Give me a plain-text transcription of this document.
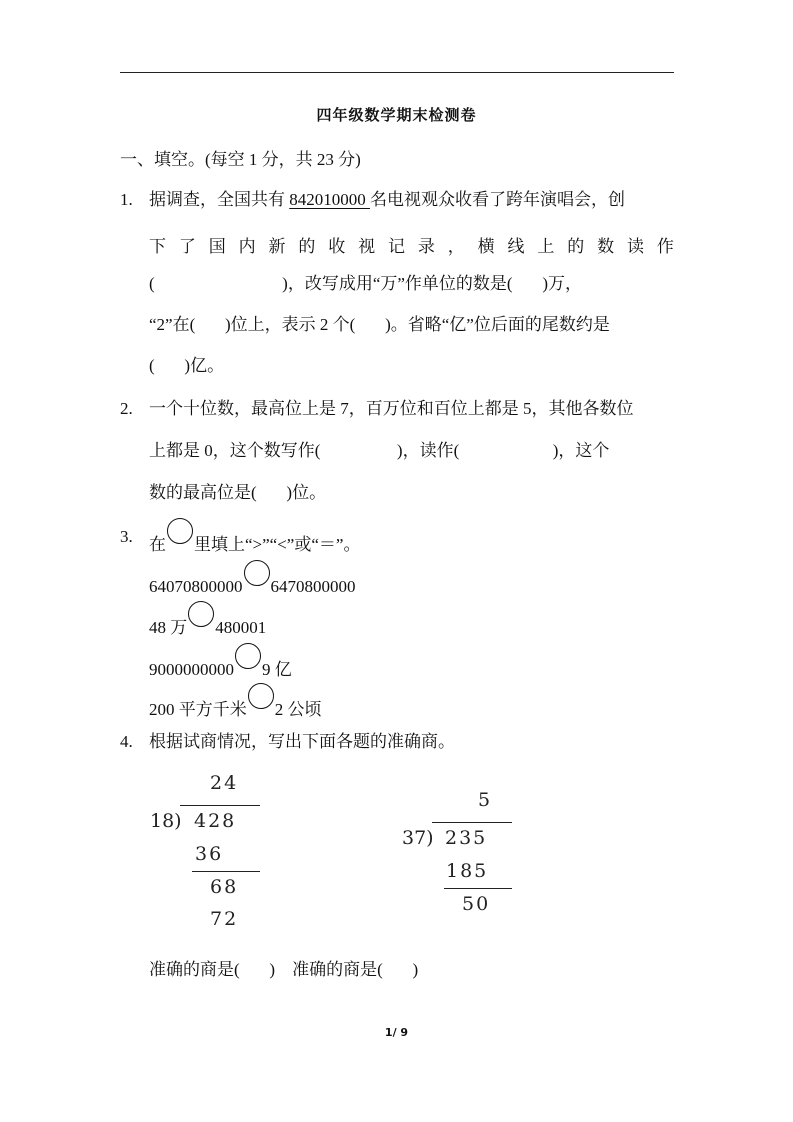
四年级数学期末检测卷
一、填空。(每空 1 分，共 23 分)
1. 据调查，全国共有 842010000 名电视观众收看了跨年演唱会，创
下 了 国 内 新 的 收 视 记 录 ， 横 线 上 的 数 读 作
(                              )，改写成用“万”作单位的数是(       )万，
“2”在(       )位上，表示 2 个(       )。省略“亿”位后面的尾数约是
(       )亿。
2. 一个十位数，最高位上是 7，百万位和百位上都是 5，其他各数位
上都是 0，这个数写作(                  )，读作(                      )，这个
数的最高位是(       )位。
3. 在 里填上“>”“<”或“＝”。
64070800000 6470800000
48 万 480001
9000000000 9 亿
200 平方千米 2 公顷
4. 根据试商情况，写出下面各题的准确商。
24
18) 428
36
68
72
5
37) 235
185
50
准确的商是(       )    准确的商是(       )
1/ 9
